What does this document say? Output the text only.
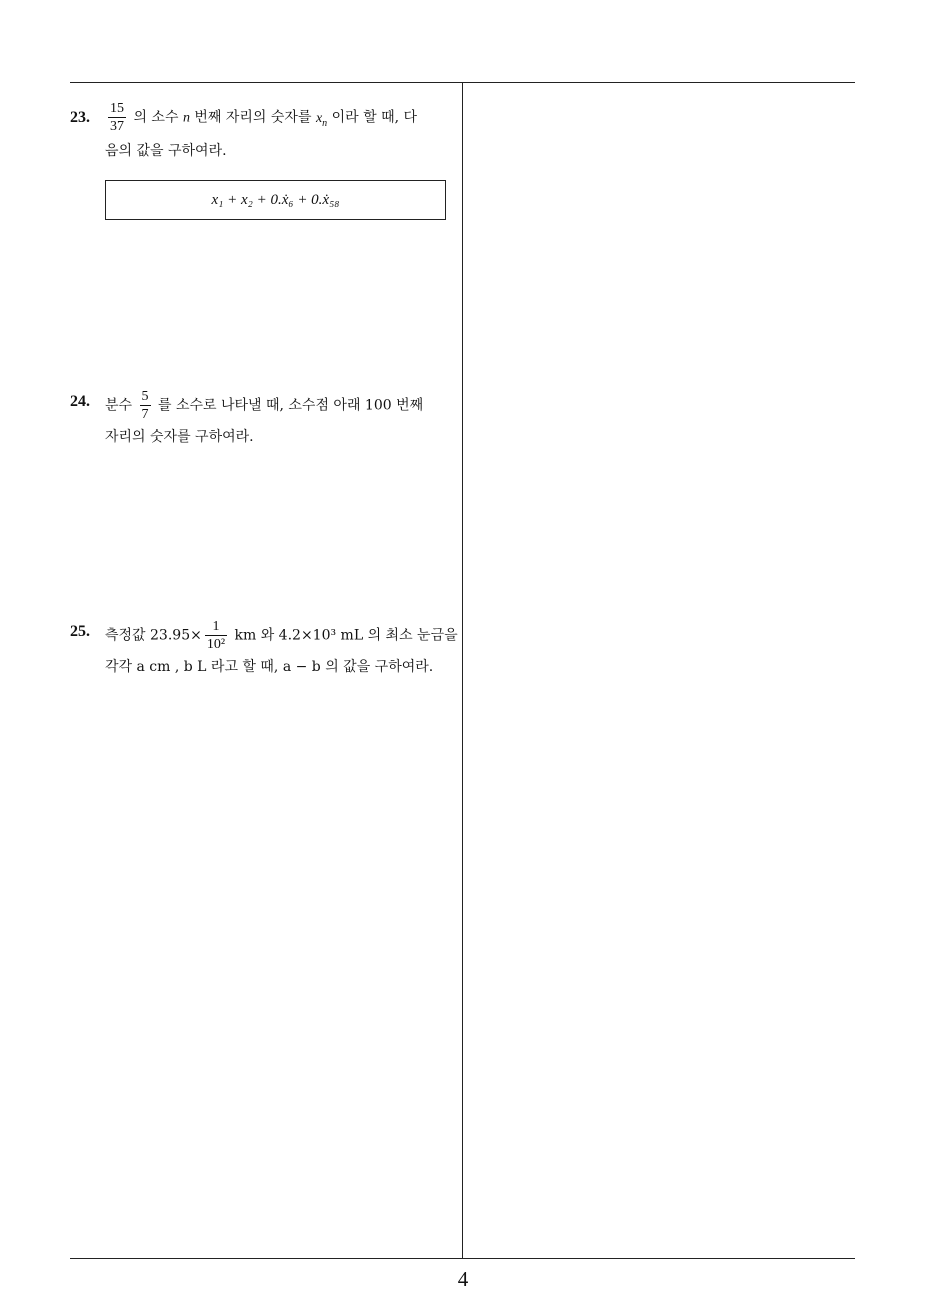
23. $\frac{15}{37}$ 의 소수 n 번째 자리의 숫자를 $x_n$ 이라 할 때, 다
음의 값을 구하여라.
x₁ + x₂ + 0.ẋ₆ + 0.ẋ₅₈
24. 분수 $\frac{5}{7}$ 를 소수로 나타낼 때, 소수점 아래 100 번째
자리의 숫자를 구하여라.
25. 측정값 $23.95\times \frac{1}{\text{10²}}$ km 와 4.2×10³ mL 의 최소 눈금을
각각 a cm , b L 라고 할 때, a − b 의 값을 구하여라.
4
